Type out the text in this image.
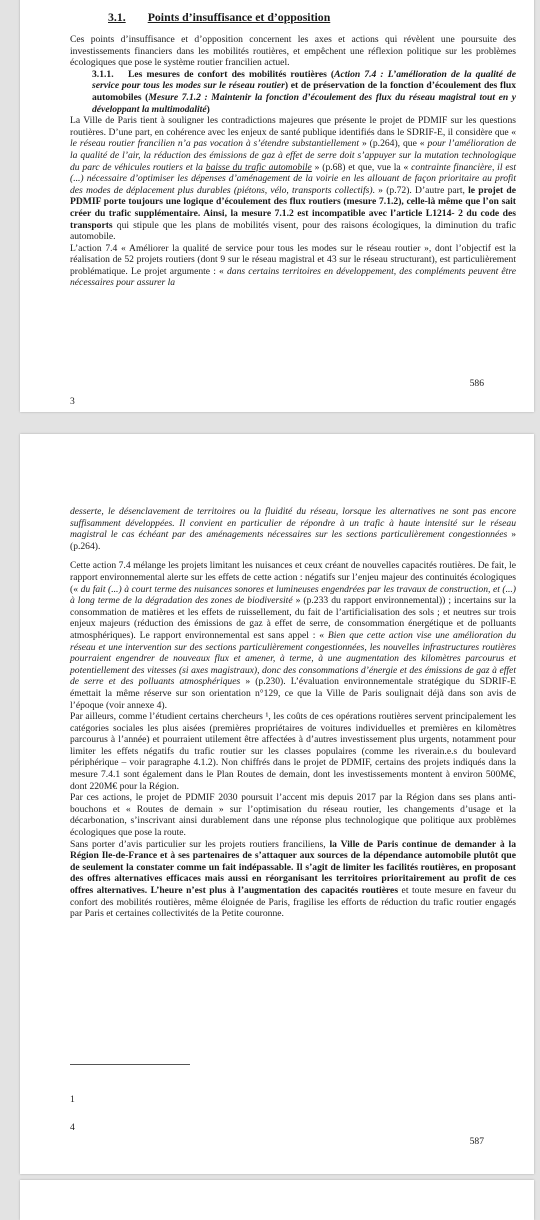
3.1. Points d’insuffisance et d’opposition

Ces points d’insuffisance et d’opposition concernent les axes et actions qui révèlent une poursuite des investissements financiers dans les mobilités routières, et empêchent une réflexion politique sur les problèmes écologiques que pose le système routier francilien actuel.

3.1.1. Les mesures de confort des mobilités routières (Action 7.4 : L’amélioration de la qualité de service pour tous les modes sur le réseau routier) et de préservation de la fonction d’écoulement des flux automobiles (Mesure 7.1.2 : Maintenir la fonction d’écoulement des flux du réseau magistral tout en y développant la multimodalité)

La Ville de Paris tient à souligner les contradictions majeures que présente le projet de PDMIF sur les questions routières. D’une part, en cohérence avec les enjeux de santé publique identifiés dans le SDRIF-E, il considère que « le réseau routier francilien n’a pas vocation à s’étendre substantiellement » (p.264), que « pour l’amélioration de la qualité de l’air, la réduction des émissions de gaz à effet de serre doit s’appuyer sur la mutation technologique du parc de véhicules routiers et la baisse du trafic automobile » (p.68) et que, vue la « contrainte financière, il est (...) nécessaire d’optimiser les dépenses d’aménagement de la voirie en les allouant de façon prioritaire au profit des modes de déplacement plus durables (piétons, vélo, transports collectifs). » (p.72). D’autre part, le projet de PDMIF porte toujours une logique d’écoulement des flux routiers (mesure 7.1.2), celle-là même que l’on sait créer du trafic supplémentaire. Ainsi, la mesure 7.1.2 est incompatible avec l’article L1214- 2 du code des transports qui stipule que les plans de mobilités visent, pour des raisons écologiques, la diminution du trafic automobile.

L’action 7.4 « Améliorer la qualité de service pour tous les modes sur le réseau routier », dont l’objectif est la réalisation de 52 projets routiers (dont 9 sur le réseau magistral et 43 sur le réseau structurant), est particulièrement problématique. Le projet argumente : « dans certains territoires en développement, des compléments peuvent être nécessaires pour assurer la

3
586

desserte, le désenclavement de territoires ou la fluidité du réseau, lorsque les alternatives ne sont pas encore suffisamment développées. Il convient en particulier de répondre à un trafic à haute intensité sur le réseau magistral le cas échéant par des aménagements nécessaires sur les sections particulièrement congestionnées » (p.264).

Cette action 7.4 mélange les projets limitant les nuisances et ceux créant de nouvelles capacités routières. De fait, le rapport environnemental alerte sur les effets de cette action : négatifs sur l’enjeu majeur des continuités écologiques (« du fait (...) à court terme des nuisances sonores et lumineuses engendrées par les travaux de construction, et (...) à long terme de la dégradation des zones de biodiversité » (p.233 du rapport environnemental)) ; incertains sur la consommation de matières et les effets de ruissellement, du fait de l’artificialisation des sols ; et neutres sur trois enjeux majeurs (réduction des émissions de gaz à effet de serre, de consommation énergétique et de polluants atmosphériques). Le rapport environnemental est sans appel : « Bien que cette action vise une amélioration du réseau et une intervention sur des sections particulièrement congestionnées, les nouvelles infrastructures routières pourraient engendrer de nouveaux flux et amener, à terme, à une augmentation des kilomètres parcourus et potentiellement des vitesses (si axes magistraux), donc des consommations d’énergie et des émissions de gaz à effet de serre et des polluants atmosphériques » (p.230). L’évaluation environnementale stratégique du SDRIF-E émettait la même réserve sur son orientation n°129, ce que la Ville de Paris soulignait déjà dans son avis de l’époque (voir annexe 4).

Par ailleurs, comme l’étudient certains chercheurs ¹, les coûts de ces opérations routières servent principalement les catégories sociales les plus aisées (premières propriétaires de voitures individuelles et premières en kilomètres parcourus à l’année) et pourraient utilement être affectées à d’autres investissement plus urgents, notamment pour limiter les effets négatifs du trafic routier sur les classes populaires (comme les riverain.e.s du boulevard périphérique – voir paragraphe 4.1.2). Non chiffrés dans le projet de PDMIF, certains des projets indiqués dans la mesure 7.4.1 sont également dans le Plan Routes de demain, dont les investissements montent à environ 500M€, dont 220M€ pour la Région.

Par ces actions, le projet de PDMIF 2030 poursuit l’accent mis depuis 2017 par la Région dans ses plans anti-bouchons et « Routes de demain » sur l’optimisation du réseau routier, les changements d’usage et la décarbonation, s’inscrivant ainsi durablement dans une réponse plus technologique que politique aux problèmes écologiques que pose la route.

Sans porter d’avis particulier sur les projets routiers franciliens, la Ville de Paris continue de demander à la Région Ile-de-France et à ses partenaires de s’attaquer aux sources de la dépendance automobile plutôt que de seulement la constater comme un fait indépassable. Il s’agit de limiter les facilités routières, en proposant des offres alternatives efficaces mais aussi en réorganisant les territoires prioritairement au profit de ces offres alternatives. L’heure n’est plus à l’augmentation des capacités routières et toute mesure en faveur du confort des mobilités routières, même éloignée de Paris, fragilise les efforts de réduction du trafic routier engagés par Paris et certaines collectivités de la Petite couronne.

1
4
587
